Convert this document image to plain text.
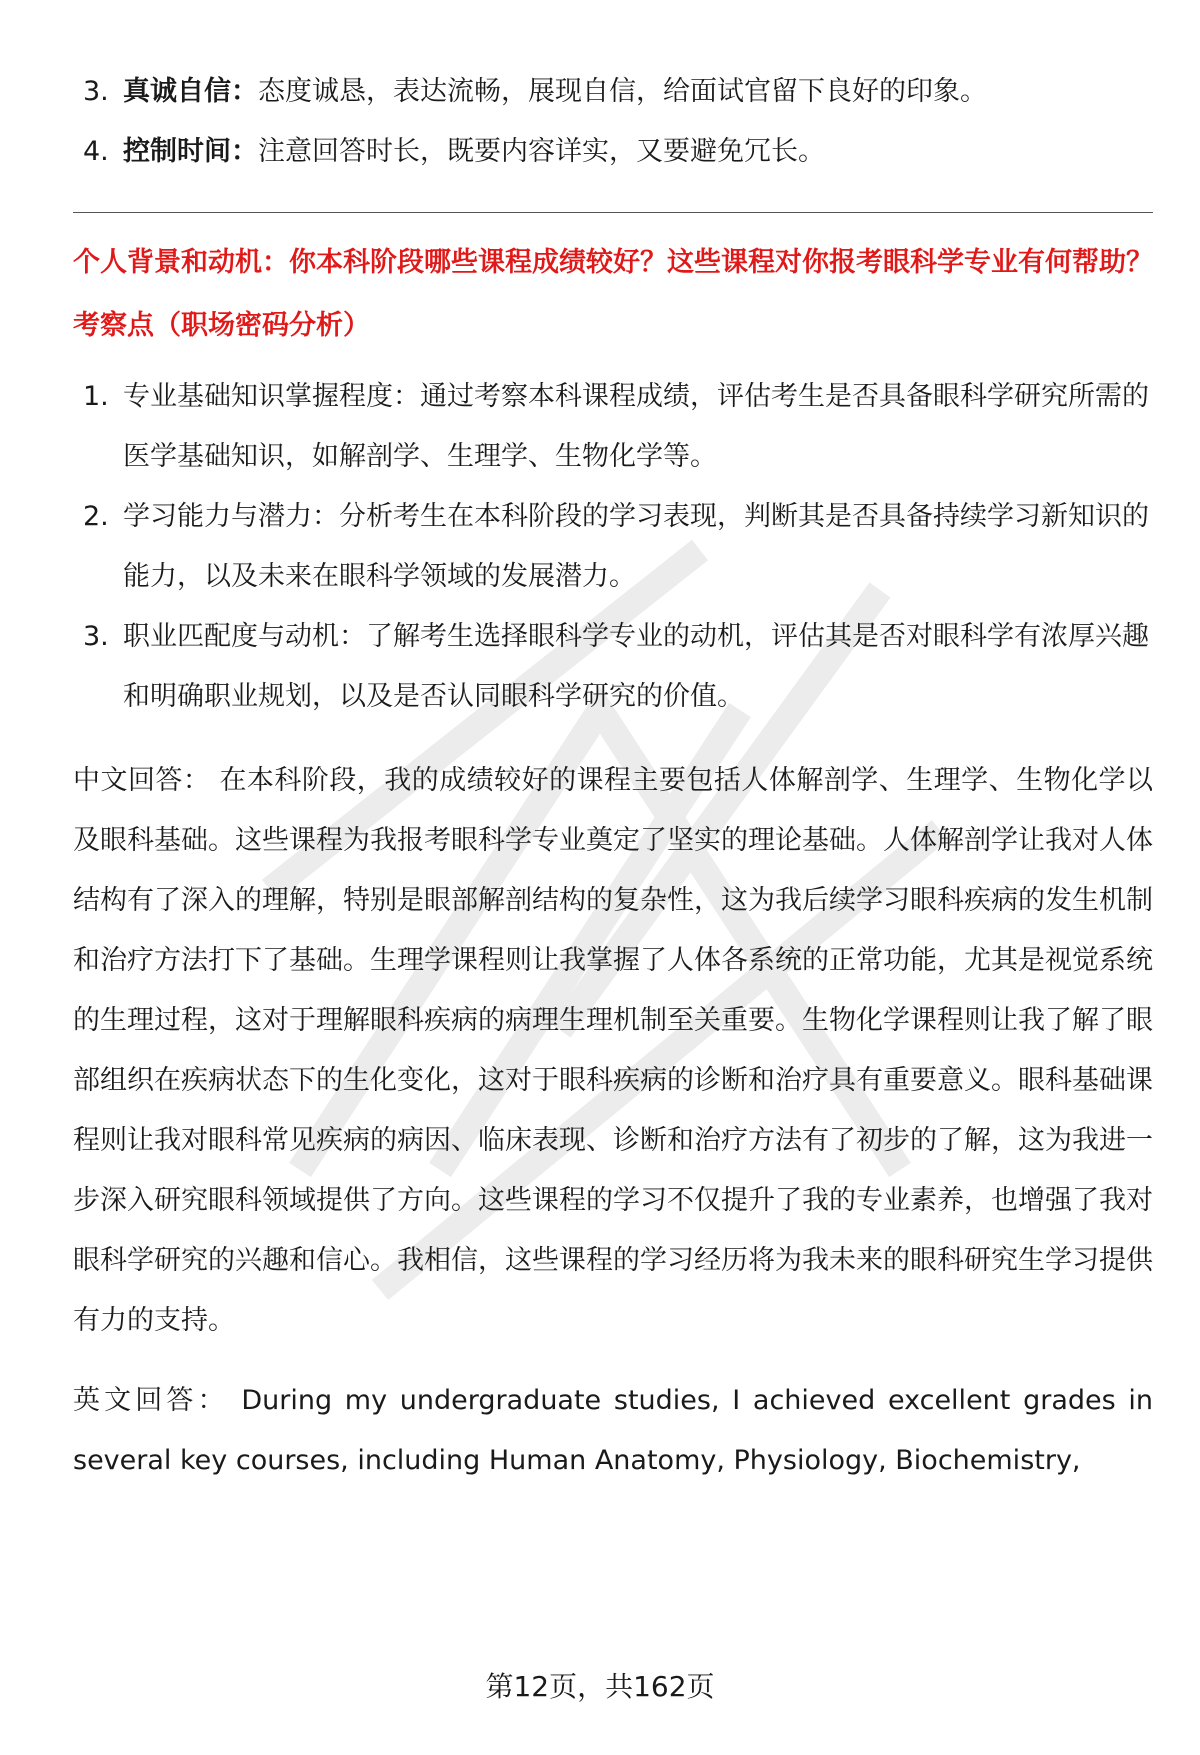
3. 真诚自信：态度诚恳，表达流畅，展现自信，给面试官留下良好的印象。
4. 控制时间：注意回答时长，既要内容详实，又要避免冗长。

个人背景和动机：你本科阶段哪些课程成绩较好？这些课程对你报考眼科学专业有何帮助？

考察点（职场密码分析）

1. 专业基础知识掌握程度：通过考察本科课程成绩，评估考生是否具备眼科学研究所需的医学基础知识，如解剖学、生理学、生物化学等。
2. 学习能力与潜力：分析考生在本科阶段的学习表现，判断其是否具备持续学习新知识的能力，以及未来在眼科学领域的发展潜力。
3. 职业匹配度与动机：了解考生选择眼科学专业的动机，评估其是否对眼科学有浓厚兴趣和明确职业规划，以及是否认同眼科学研究的价值。

中文回答： 在本科阶段，我的成绩较好的课程主要包括人体解剖学、生理学、生物化学以及眼科基础。这些课程为我报考眼科学专业奠定了坚实的理论基础。人体解剖学让我对人体结构有了深入的理解，特别是眼部解剖结构的复杂性，这为我后续学习眼科疾病的发生机制和治疗方法打下了基础。生理学课程则让我掌握了人体各系统的正常功能，尤其是视觉系统的生理过程，这对于理解眼科疾病的病理生理机制至关重要。生物化学课程则让我了解了眼部组织在疾病状态下的生化变化，这对于眼科疾病的诊断和治疗具有重要意义。眼科基础课程则让我对眼科常见疾病的病因、临床表现、诊断和治疗方法有了初步的了解，这为我进一步深入研究眼科领域提供了方向。这些课程的学习不仅提升了我的专业素养，也增强了我对眼科学研究的兴趣和信心。我相信，这些课程的学习经历将为我未来的眼科研究生学习提供有力的支持。

英文回答： During my undergraduate studies, I achieved excellent grades in several key courses, including Human Anatomy, Physiology, Biochemistry,

第12页，共162页
